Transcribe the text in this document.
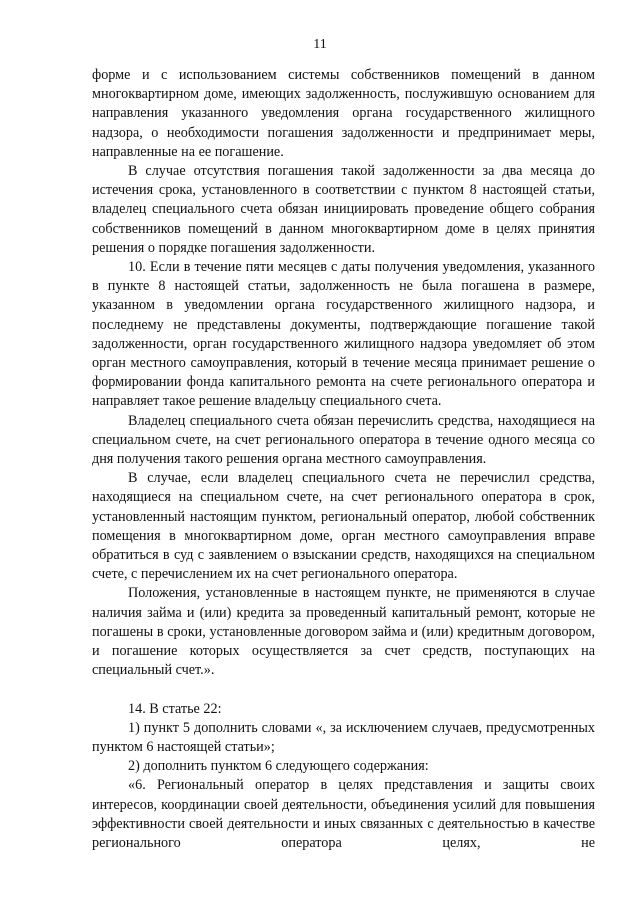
11

форме и с использованием системы собственников помещений в данном многоквартирном доме, имеющих задолженность, послужившую основанием для направления указанного уведомления органа государственного жилищного надзора, о необходимости погашения задолженности и предпринимает меры, направленные на ее погашение.

В случае отсутствия погашения такой задолженности за два месяца до истечения срока, установленного в соответствии с пунктом 8 настоящей статьи, владелец специального счета обязан инициировать проведение общего собрания собственников помещений в данном многоквартирном доме в целях принятия решения о порядке погашения задолженности.

10. Если в течение пяти месяцев с даты получения уведомления, указанного в пункте 8 настоящей статьи, задолженность не была погашена в размере, указанном в уведомлении органа государственного жилищного надзора, и последнему не представлены документы, подтверждающие погашение такой задолженности, орган государственного жилищного надзора уведомляет об этом орган местного самоуправления, который в течение месяца принимает решение о формировании фонда капитального ремонта на счете регионального оператора и направляет такое решение владельцу специального счета.

Владелец специального счета обязан перечислить средства, находящиеся на специальном счете, на счет регионального оператора в течение одного месяца со дня получения такого решения органа местного самоуправления.

В случае, если владелец специального счета не перечислил средства, находящиеся на специальном счете, на счет регионального оператора в срок, установленный настоящим пунктом, региональный оператор, любой собственник помещения в многоквартирном доме, орган местного самоуправления вправе обратиться в суд с заявлением о взыскании средств, находящихся на специальном счете, с перечислением их на счет регионального оператора.

Положения, установленные в настоящем пункте, не применяются в случае наличия займа и (или) кредита за проведенный капитальный ремонт, которые не погашены в сроки, установленные договором займа и (или) кредитным договором, и погашение которых осуществляется за счет средств, поступающих на специальный счет.».

14. В статье 22:

1) пункт 5 дополнить словами «, за исключением случаев, предусмотренных пунктом 6 настоящей статьи»;

2) дополнить пунктом 6 следующего содержания:

«6. Региональный оператор в целях представления и защиты своих интересов, координации своей деятельности, объединения усилий для повышения эффективности своей деятельности и иных связанных с деятельностью в качестве регионального оператора целях, не
